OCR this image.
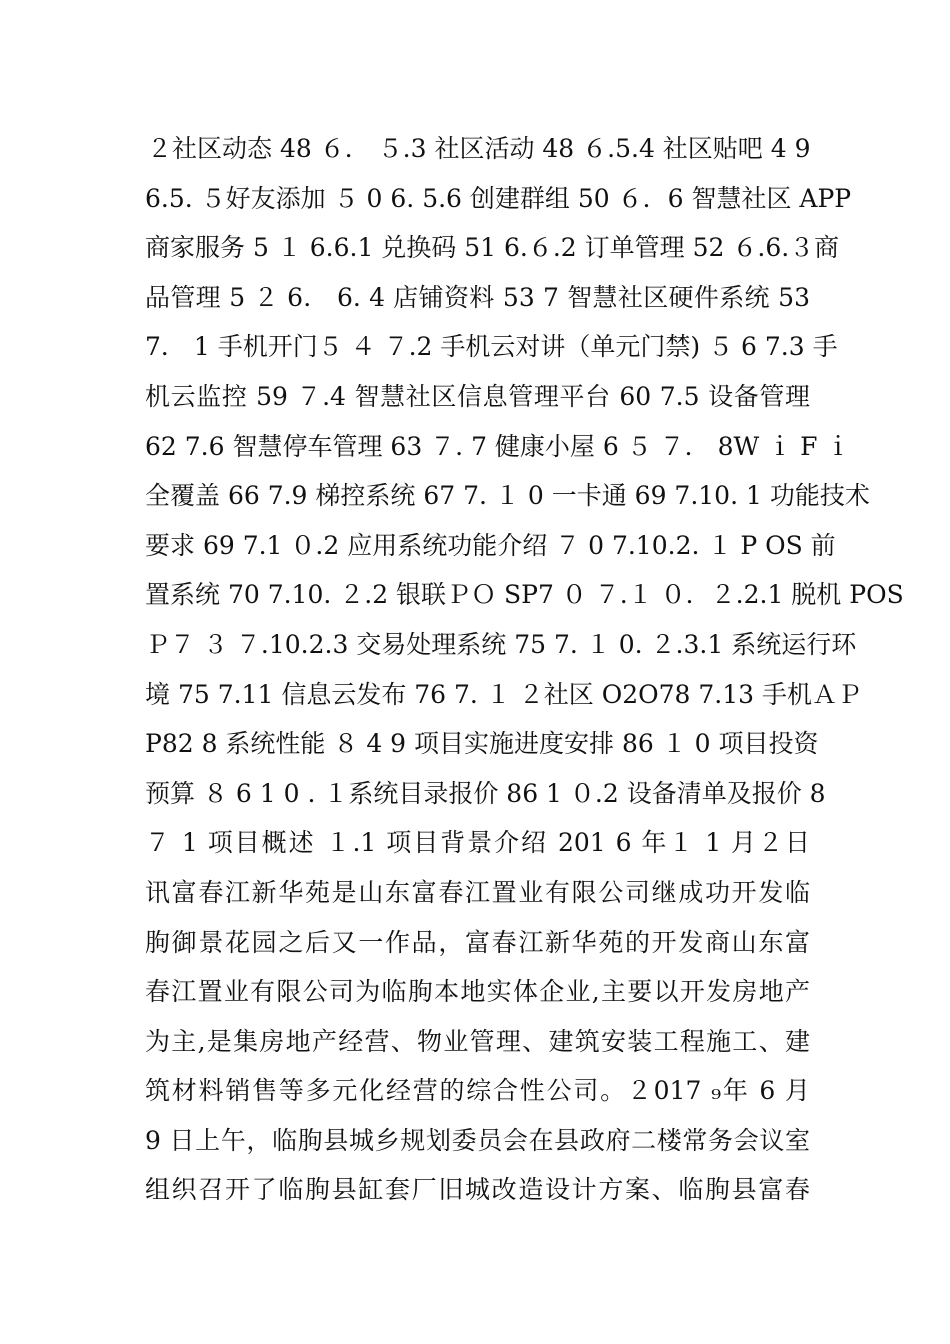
２社区动态 48 ６． ５.3 社区活动 48 ６.5.4 社区贴吧 4 9
6.5. ５好友添加 ５ 0 6. 5.6 创建群组 50 ６．6 智慧社区 APP
商家服务 5 １ 6.6.1 兑换码 51 6.６.2 订单管理 52 ６.6.３商
品管理 5 ２ 6． 6. 4 店铺资料 53 7 智慧社区硬件系统 53
7． 1 手机开门５ ４ ７.2 手机云对讲（单元门禁) ５ 6 7.3 手
机云监控 59 ７.4 智慧社区信息管理平台 60 7.5 设备管理
62 7.6 智慧停车管理 63 ７. 7 健康小屋 6 ５ ７． 8W ｉ F ｉ
全覆盖 66 7.9 梯控系统 67 7. １ 0 一卡通 69 7.10. 1 功能技术
要求 69 7.1 ０.2 应用系统功能介绍 ７ 0 7.10.2. １ P OS 前
置系统 70 7.10. ２.2 银联ＰＯ SP7 ０ ７.１ ０．２.2.1 脱机 POS
Ｐ７ ３ ７.10.2.3 交易处理系统 75 7. １ 0. ２.3.1 系统运行环
境 75 7.11 信息云发布 76 7. １ ２社区 O2O78 7.13 手机ＡＰ
P82 8 系统性能 ８ 4 9 项目实施进度安排 86 １ 0 项目投资
预算 ８ 6 1 0 . １系统目录报价 86 1 ０.2 设备清单及报价 8
７ 1 项目概述 １.1 项目背景介绍 201 6 年１ 1 月２日
讯富春江新华苑是山东富春江置业有限公司继成功开发临
朐御景花园之后又一作品，富春江新华苑的开发商山东富
春江置业有限公司为临朐本地实体企业,主要以开发房地产
为主,是集房地产经营、物业管理、建筑安装工程施工、建
筑材料销售等多元化经营的综合性公司。２017 ₉年 6 月
9 日上午，临朐县城乡规划委员会在县政府二楼常务会议室
组织召开了临朐县缸套厂旧城改造设计方案、临朐县富春
